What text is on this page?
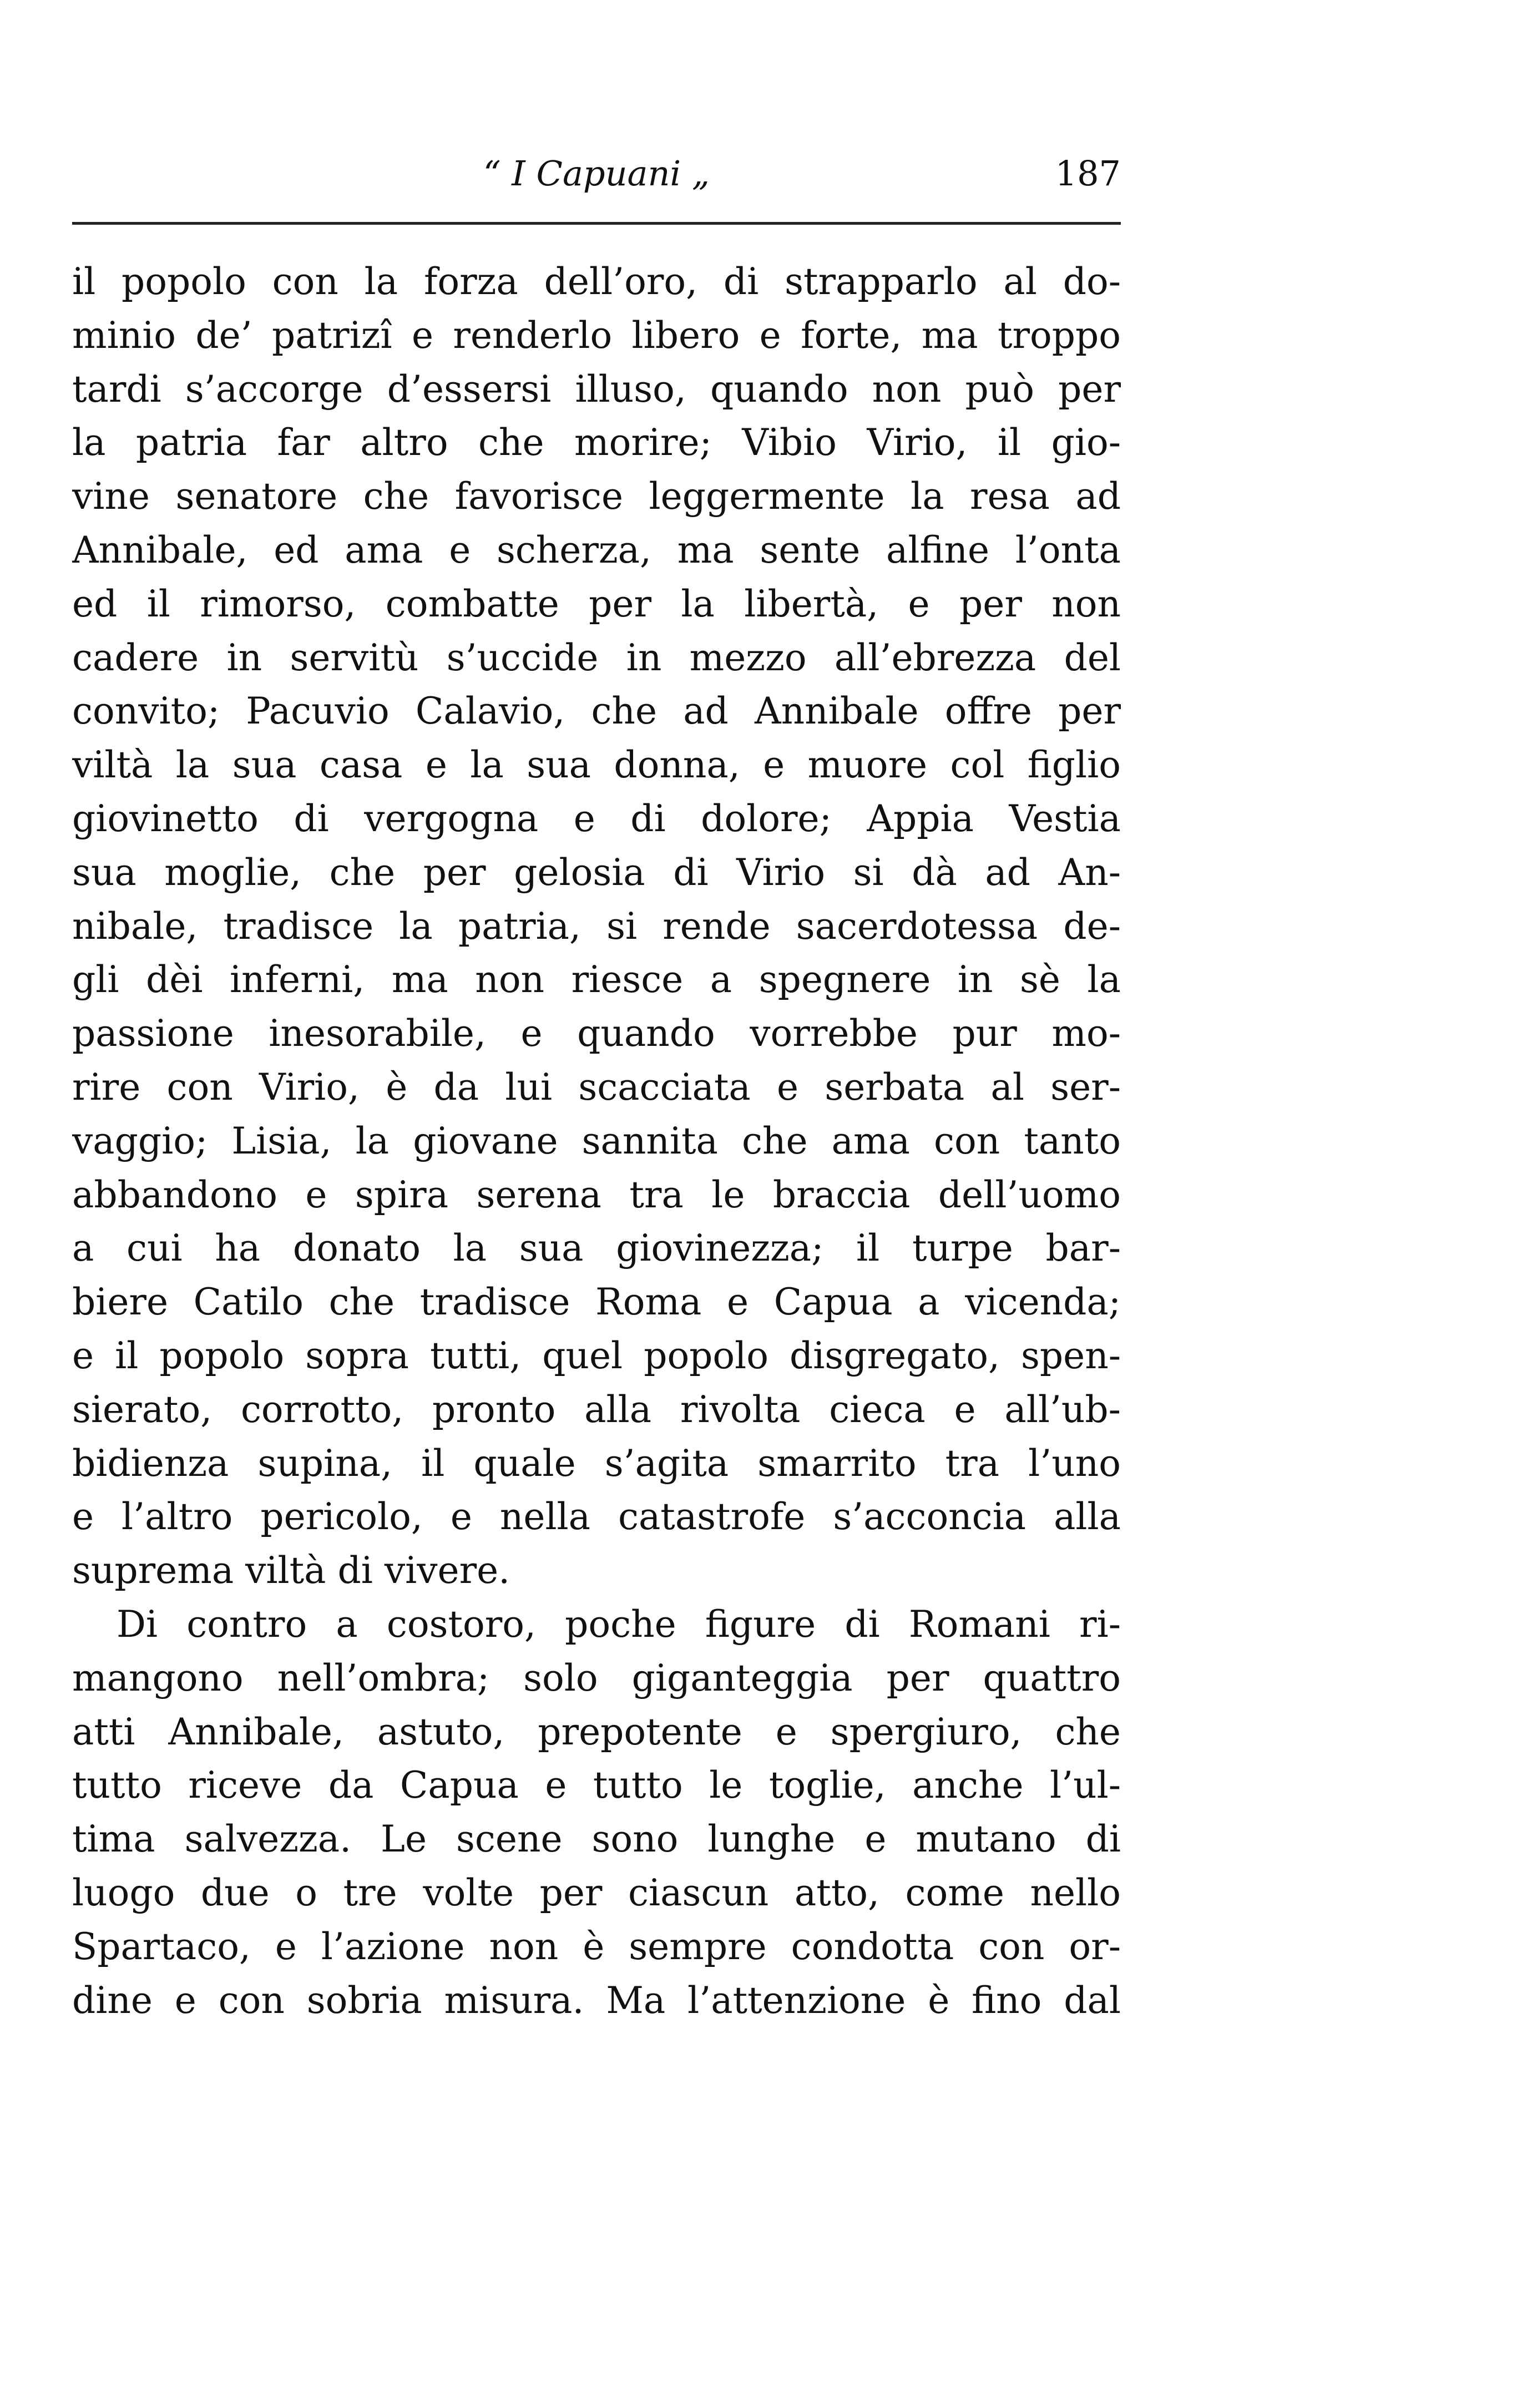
“ I Capuani „	187
il popolo con la forza dell’oro, di strapparlo al do-
minio de’ patrizî e renderlo libero e forte, ma troppo
tardi s’accorge d’essersi illuso, quando non può per
la patria far altro che morire; Vibio Virio, il gio-
vine senatore che favorisce leggermente la resa ad
Annibale, ed ama e scherza, ma sente alfine l’onta
ed il rimorso, combatte per la libertà, e per non
cadere in servitù s’uccide in mezzo all’ebrezza del
convito; Pacuvio Calavio, che ad Annibale offre per
viltà la sua casa e la sua donna, e muore col figlio
giovinetto di vergogna e di dolore; Appia Vestia
sua moglie, che per gelosia di Virio si dà ad An-
nibale, tradisce la patria, si rende sacerdotessa de-
gli dèi inferni, ma non riesce a spegnere in sè la
passione inesorabile, e quando vorrebbe pur mo-
rire con Virio, è da lui scacciata e serbata al ser-
vaggio; Lisia, la giovane sannita che ama con tanto
abbandono e spira serena tra le braccia dell’uomo
a cui ha donato la sua giovinezza; il turpe bar-
biere Catilo che tradisce Roma e Capua a vicenda;
e il popolo sopra tutti, quel popolo disgregato, spen-
sierato, corrotto, pronto alla rivolta cieca e all’ub-
bidienza supina, il quale s’agita smarrito tra l’uno
e l’altro pericolo, e nella catastrofe s’acconcia alla
suprema viltà di vivere.
Di contro a costoro, poche figure di Romani ri-
mangono nell’ombra; solo giganteggia per quattro
atti Annibale, astuto, prepotente e spergiuro, che
tutto riceve da Capua e tutto le toglie, anche l’ul-
tima salvezza. Le scene sono lunghe e mutano di
luogo due o tre volte per ciascun atto, come nello
Spartaco, e l’azione non è sempre condotta con or-
dine e con sobria misura. Ma l’attenzione è fino dal
